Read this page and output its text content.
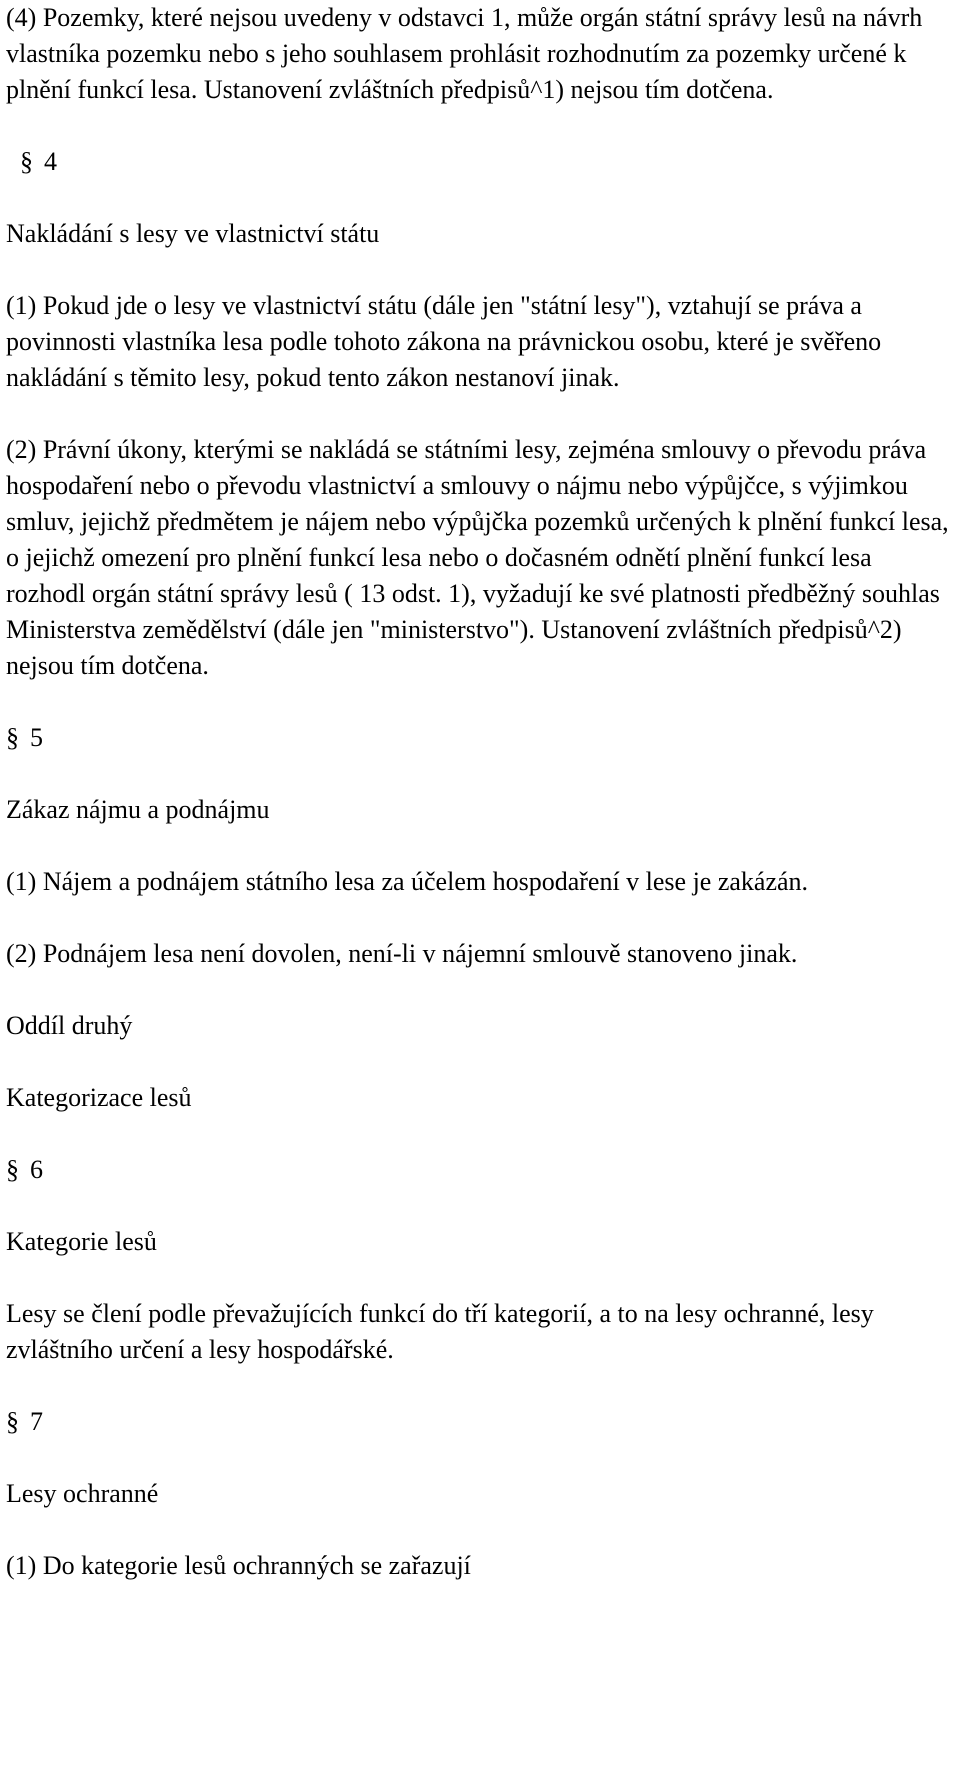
(4) Pozemky, které nejsou uvedeny v odstavci 1, může orgán státní správy lesů na návrh vlastníka pozemku nebo s jeho souhlasem prohlásit rozhodnutím za pozemky určené k plnění funkcí lesa. Ustanovení zvláštních předpisů^1) nejsou tím dotčena.

§ 4

Nakládání s lesy ve vlastnictví státu

(1) Pokud jde o lesy ve vlastnictví státu (dále jen "státní lesy"), vztahují se práva a povinnosti vlastníka lesa podle tohoto zákona na právnickou osobu, které je svěřeno nakládání s těmito lesy, pokud tento zákon nestanoví jinak.

(2) Právní úkony, kterými se nakládá se státními lesy, zejména smlouvy o převodu práva hospodaření nebo o převodu vlastnictví a smlouvy o nájmu nebo výpůjčce, s výjimkou smluv, jejichž předmětem je nájem nebo výpůjčka pozemků určených k plnění funkcí lesa, o jejichž omezení pro plnění funkcí lesa nebo o dočasném odnětí plnění funkcí lesa rozhodl orgán státní správy lesů ( 13 odst. 1), vyžadují ke své platnosti předběžný souhlas Ministerstva zemědělství (dále jen "ministerstvo"). Ustanovení zvláštních předpisů^2) nejsou tím dotčena.

§ 5

Zákaz nájmu a podnájmu

(1) Nájem a podnájem státního lesa za účelem hospodaření v lese je zakázán.

(2) Podnájem lesa není dovolen, není-li v nájemní smlouvě stanoveno jinak.

Oddíl druhý

Kategorizace lesů

§ 6

Kategorie lesů

Lesy se člení podle převažujících funkcí do tří kategorií, a to na lesy ochranné, lesy zvláštního určení a lesy hospodářské.

§ 7

Lesy ochranné

(1) Do kategorie lesů ochranných se zařazují
